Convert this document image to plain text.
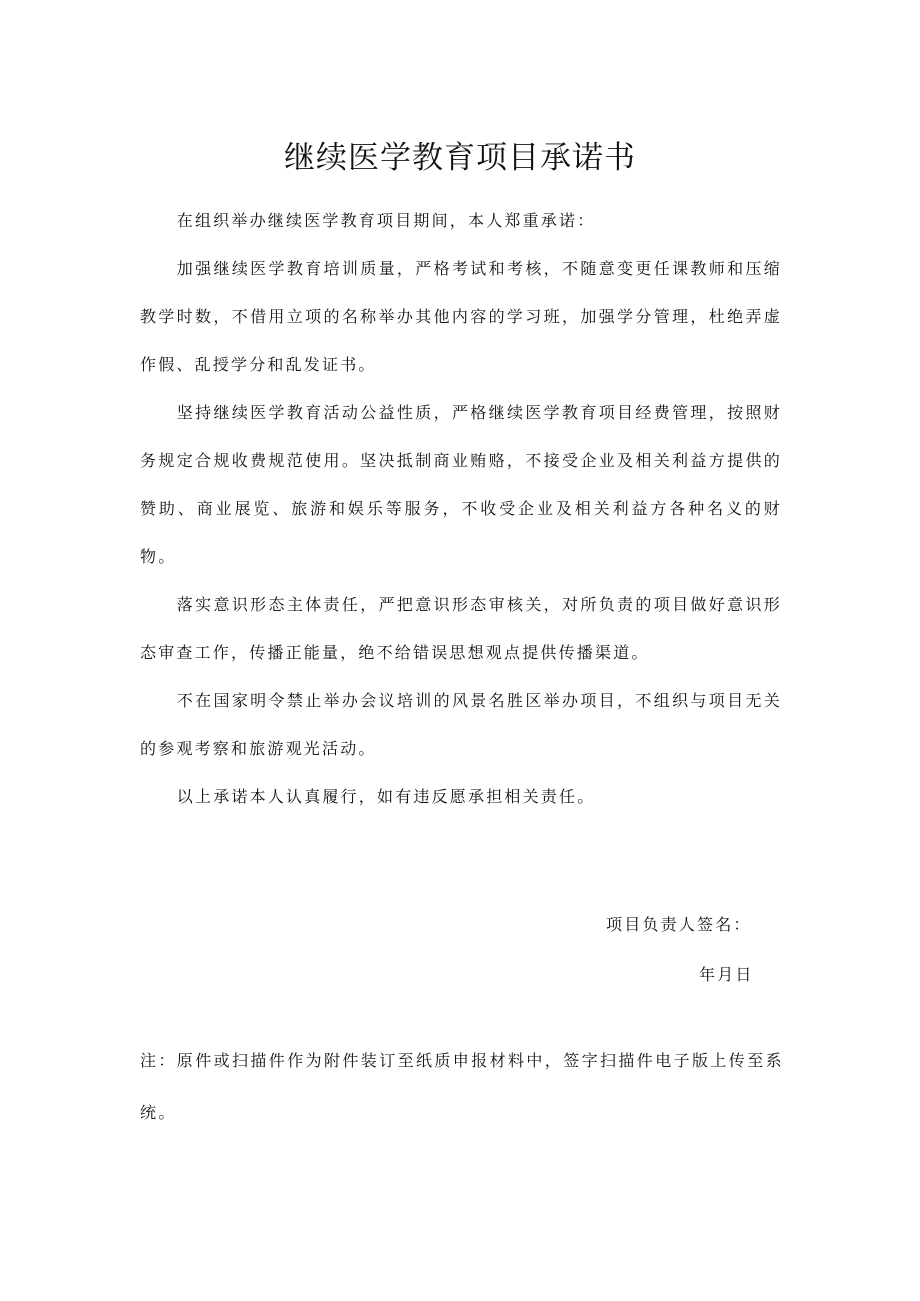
继续医学教育项目承诺书

在组织举办继续医学教育项目期间，本人郑重承诺：

加强继续医学教育培训质量，严格考试和考核，不随意变更任课教师和压缩教学时数，不借用立项的名称举办其他内容的学习班，加强学分管理，杜绝弄虚作假、乱授学分和乱发证书。

坚持继续医学教育活动公益性质，严格继续医学教育项目经费管理，按照财务规定合规收费规范使用。坚决抵制商业贿赂，不接受企业及相关利益方提供的赞助、商业展览、旅游和娱乐等服务，不收受企业及相关利益方各种名义的财物。

落实意识形态主体责任，严把意识形态审核关，对所负责的项目做好意识形态审查工作，传播正能量，绝不给错误思想观点提供传播渠道。

不在国家明令禁止举办会议培训的风景名胜区举办项目，不组织与项目无关的参观考察和旅游观光活动。

以上承诺本人认真履行，如有违反愿承担相关责任。

项目负责人签名：
年月日

注：原件或扫描件作为附件装订至纸质申报材料中，签字扫描件电子版上传至系统。
